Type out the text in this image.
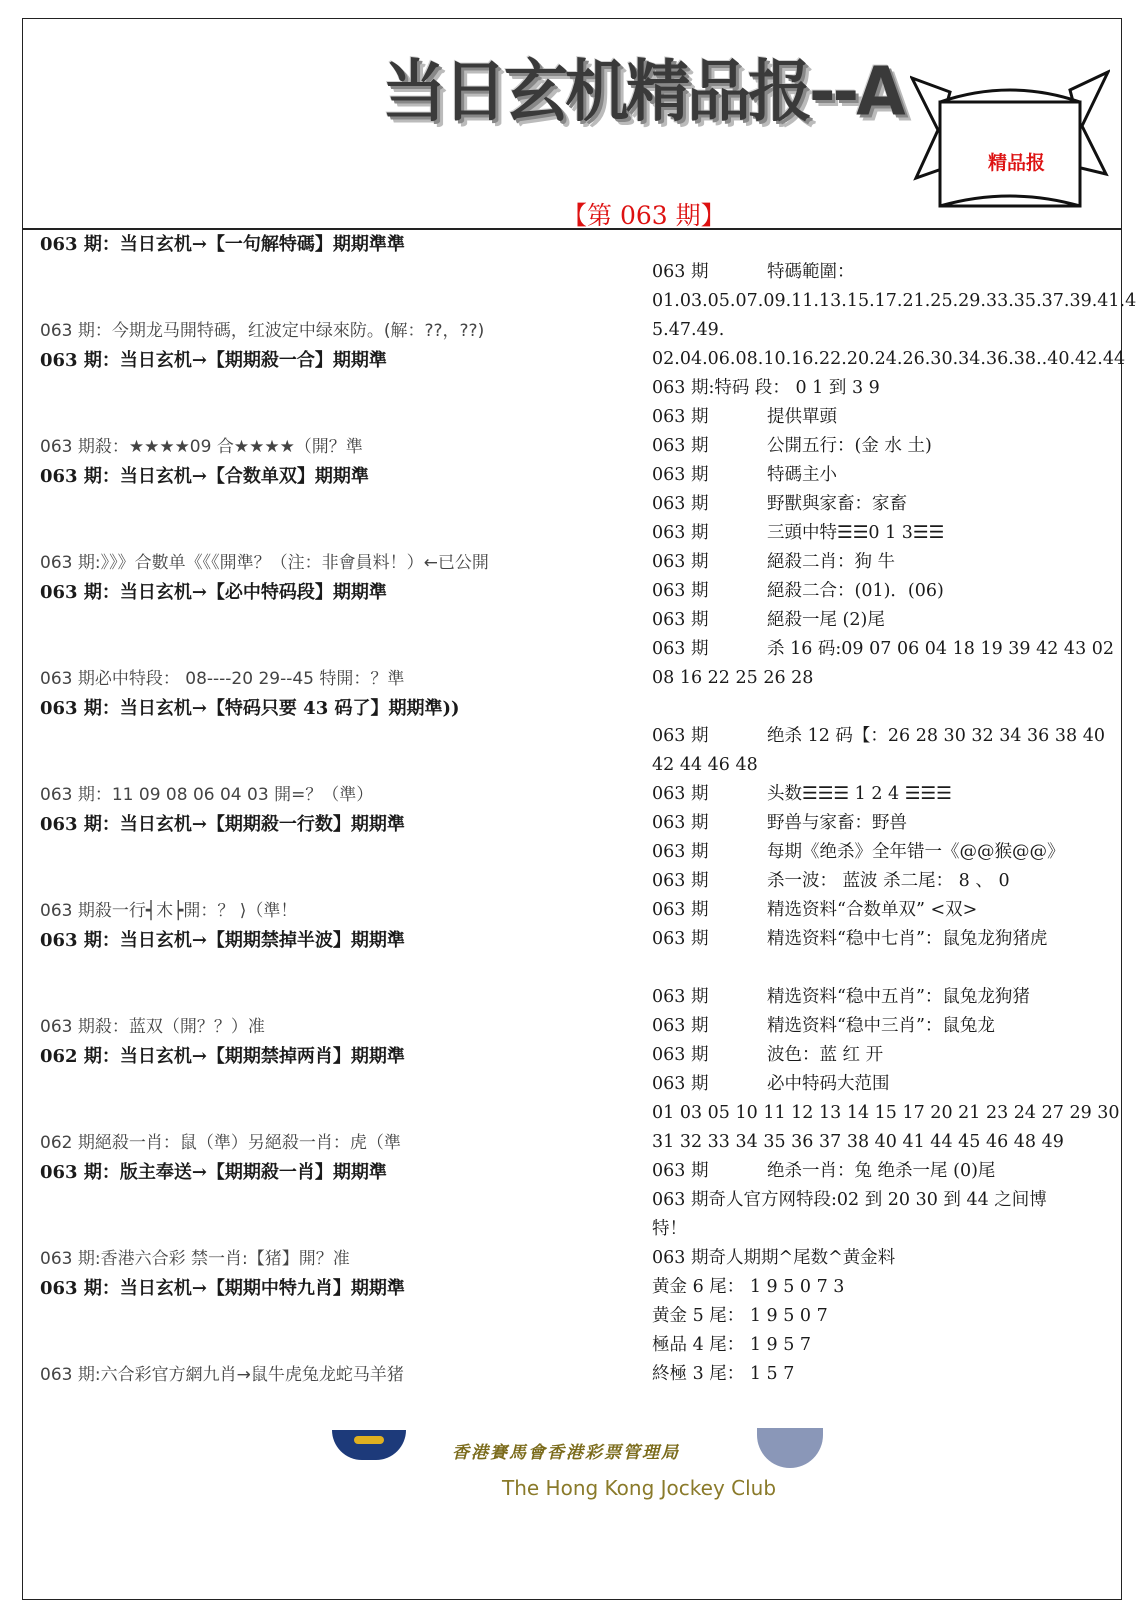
当日玄机精品报--A

【第 063 期】

精品报
063 期：当日玄机→【一句解特碼】期期準準
063 期：今期龙马開特碼，红波定中绿來防。(解：??，??)
063 期：当日玄机→【期期殺一合】期期準
063 期殺：★★★★09 合★★★★（開？準
063 期：当日玄机→【合数单双】期期準
063 期:》》》合數单《《《開準？（注：非會員料！）←已公開
063 期：当日玄机→【必中特码段】期期準
063 期必中特段： 08----20 29--45 特開：？準
063 期：当日玄机→【特码只要 43 码了】期期準))
063 期：11 09 08 06 04 03 開=？（準）
063 期：当日玄机→【期期殺一行数】期期準
063 期殺一行┥木┝開：？ ⟩（準！
063 期：当日玄机→【期期禁掉半波】期期準
063 期殺：蓝双（開？？）准
062 期：当日玄机→【期期禁掉两肖】期期準
062 期絕殺一肖：鼠（準）另絕殺一肖：虎（準
063 期：版主奉送→【期期殺一肖】期期準
063 期:香港六合彩 禁一肖:【猪】開？准
063 期：当日玄机→【期期中特九肖】期期準
063 期:六合彩官方網九肖→鼠牛虎兔龙蛇马羊猪
063 期	特碼範圍：
01.03.05.07.09.11.13.15.17.21.25.29.33.35.37.39.41.4
5.47.49.
02.04.06.08.10.16.22.20.24.26.30.34.36.38..40.42.44
063 期:特码 段： 0 1 到 3 9
063 期	提供單頭
063 期	公開五行：(金 水 土)
063 期	特碼主小
063 期	野獸與家畜：家畜
063 期	三頭中特☰☰0 1 3☰☰
063 期	絕殺二肖：狗 牛
063 期	絕殺二合：(01)．(06)
063 期	絕殺一尾 (2)尾
063 期	杀 16 码:09 07 06 04 18 19 39 42 43 02
08 16 22 25 26 28
063 期	绝杀 12 码【：26 28 30 32 34 36 38 40
42 44 46 48
063 期	头数☰☰☰ 1 2 4 ☰☰☰
063 期	野兽与家畜：野兽
063 期	每期《绝杀》全年错一《@@猴@@》
063 期	杀一波： 蓝波 杀二尾： 8 、 0
063 期	精选资料“合数单双” <双>
063 期	精选资料“稳中七肖”：鼠兔龙狗猪虎
063 期	精选资料“稳中五肖”：鼠兔龙狗猪
063 期	精选资料“稳中三肖”：鼠兔龙
063 期	波色：蓝 红 开
063 期	必中特码大范围
01 03 05 10 11 12 13 14 15 17 20 21 23 24 27 29 30
31 32 33 34 35 36 37 38 40 41 44 45 46 48 49
063 期	绝杀一肖：兔 绝杀一尾 (0)尾
063 期奇人官方网特段:02 到 20 30 到 44 之间博
特！
063 期奇人期期^尾数^黄金料
黄金 6 尾： 1 9 5 0 7 3
黄金 5 尾： 1 9 5 0 7
極品 4 尾： 1 9 5 7
終極 3 尾： 1 5 7
香港賽馬會香港彩票管理局
The Hong Kong Jockey Club
